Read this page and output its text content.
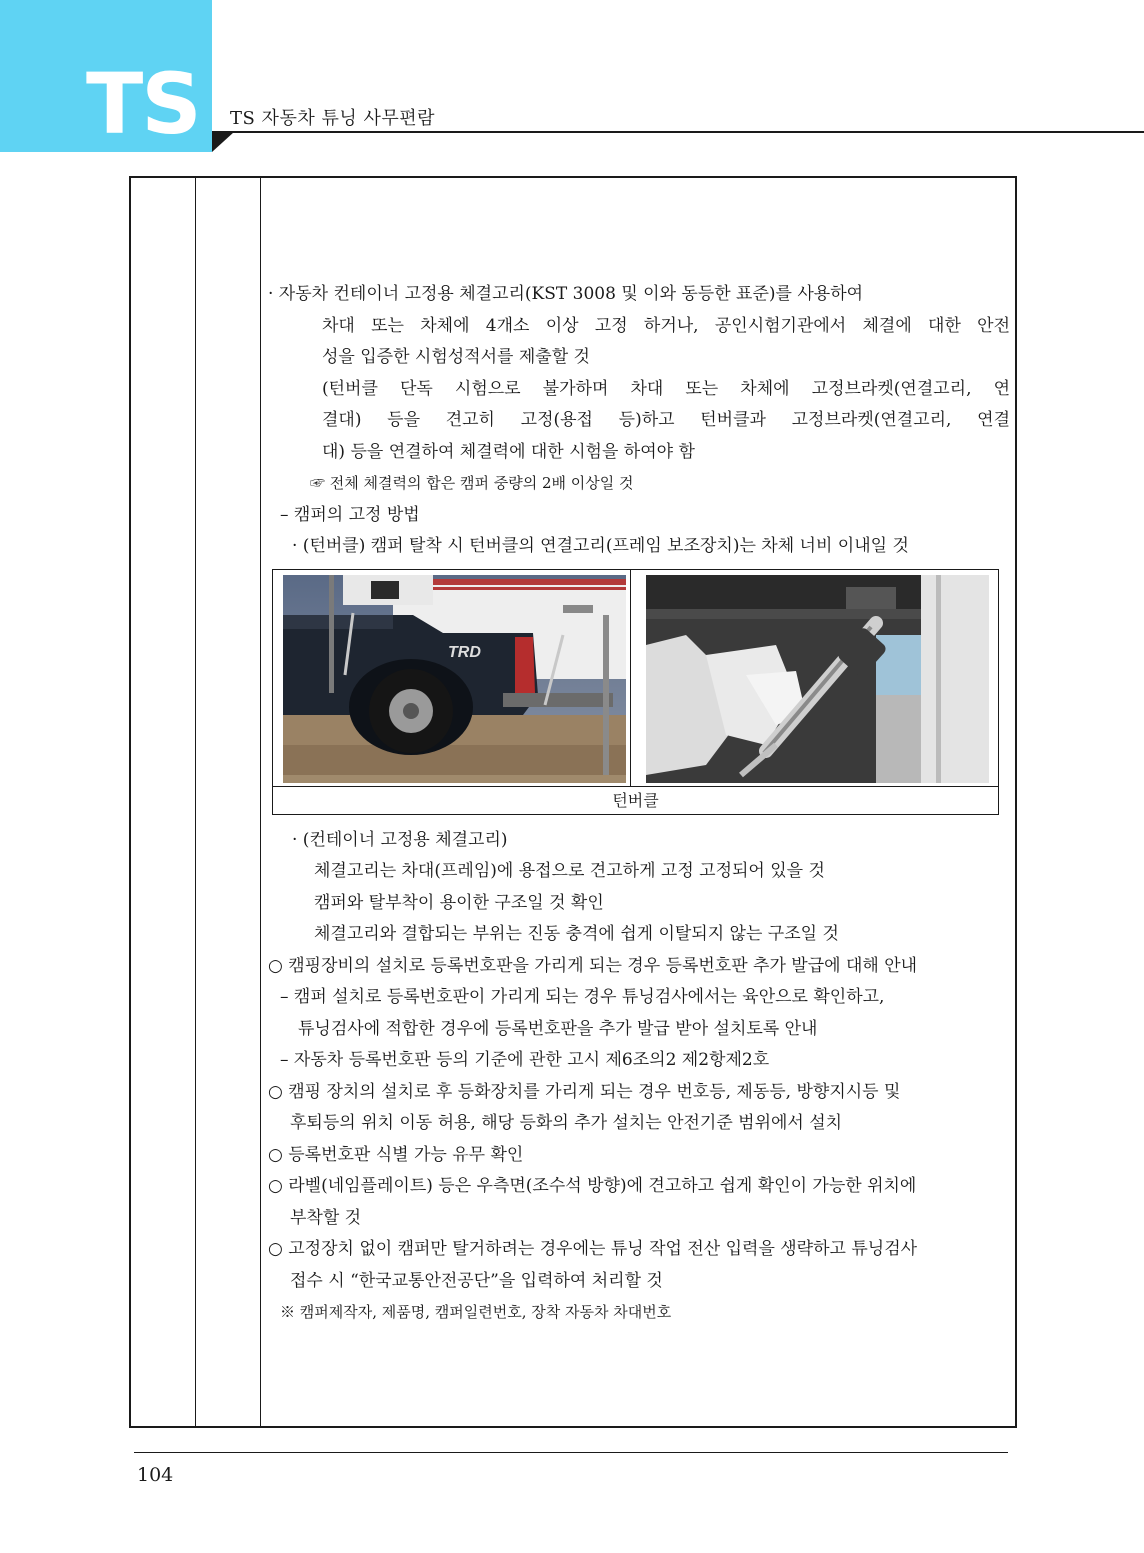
TS TS 자동차 튜닝 사무편람
· 자동차 컨테이너 고정용 체결고리(KST 3008 및 이와 동등한 표준)를 사용하여
차대 또는 차체에 4개소 이상 고정 하거나, 공인시험기관에서 체결에 대한 안전
성을 입증한 시험성적서를 제출할 것
(턴버클 단독 시험으로 불가하며 차대 또는 차체에 고정브라켓(연결고리, 연
결대) 등을 견고히 고정(용접 등)하고 턴버클과 고정브라켓(연결고리, 연결
대) 등을 연결하여 체결력에 대한 시험을 하여야 함
☞ 전체 체결력의 합은 캠퍼 중량의 2배 이상일 것
– 캠퍼의 고정 방법
· (턴버클) 캠퍼 탈착 시 턴버클의 연결고리(프레임 보조장치)는 차체 너비 이내일 것
TRD
턴버클
· (컨테이너 고정용 체결고리)
체결고리는 차대(프레임)에 용접으로 견고하게 고정 고정되어 있을 것
캠퍼와 탈부착이 용이한 구조일 것 확인
체결고리와 결합되는 부위는 진동 충격에 쉽게 이탈되지 않는 구조일 것
○ 캠핑장비의 설치로 등록번호판을 가리게 되는 경우 등록번호판 추가 발급에 대해 안내
– 캠퍼 설치로 등록번호판이 가리게 되는 경우 튜닝검사에서는 육안으로 확인하고,
튜닝검사에 적합한 경우에 등록번호판을 추가 발급 받아 설치토록 안내
– 자동차 등록번호판 등의 기준에 관한 고시 제6조의2 제2항제2호
○ 캠핑 장치의 설치로 후 등화장치를 가리게 되는 경우 번호등, 제동등, 방향지시등 및
후퇴등의 위치 이동 허용, 해당 등화의 추가 설치는 안전기준 범위에서 설치
○ 등록번호판 식별 가능 유무 확인
○ 라벨(네임플레이트) 등은 우측면(조수석 방향)에 견고하고 쉽게 확인이 가능한 위치에
부착할 것
○ 고정장치 없이 캠퍼만 탈거하려는 경우에는 튜닝 작업 전산 입력을 생략하고 튜닝검사
접수 시 “한국교통안전공단”을 입력하여 처리할 것
※ 캠퍼제작자, 제품명, 캠퍼일련번호, 장착 자동차 차대번호
104
